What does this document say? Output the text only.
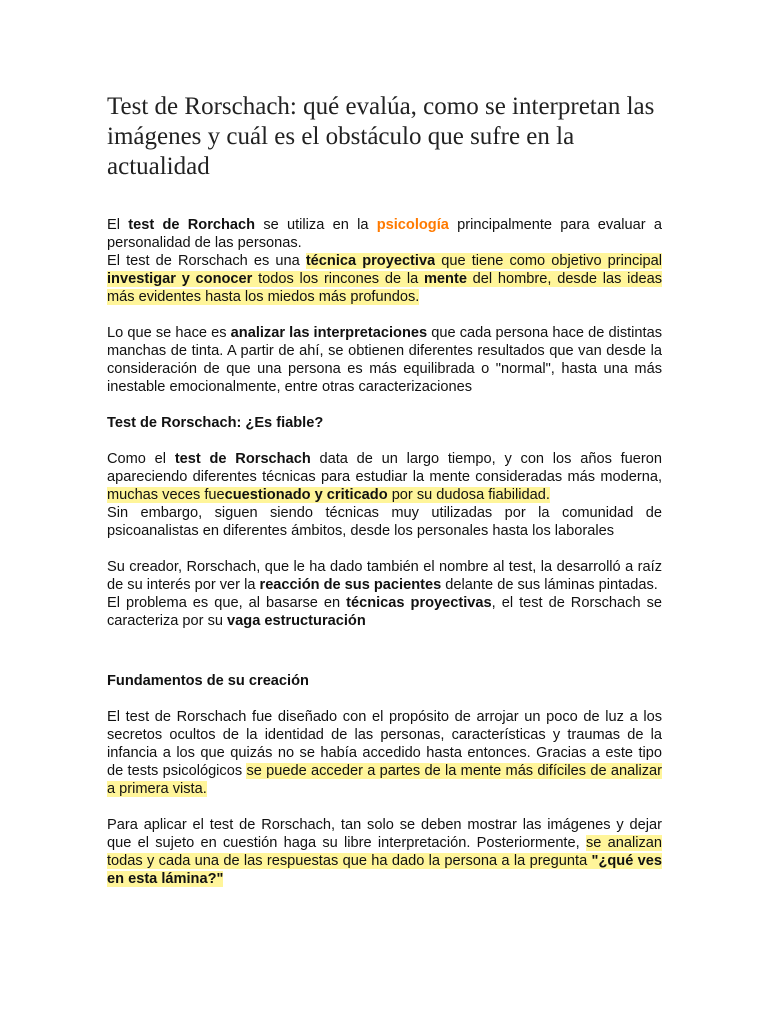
Test de Rorschach: qué evalúa, como se interpretan las imágenes y cuál es el obstáculo que sufre en la actualidad

El test de Rorchach se utiliza en la psicología principalmente para evaluar a personalidad de las personas.

El test de Rorschach es una técnica proyectiva que tiene como objetivo principal investigar y conocer todos los rincones de la mente del hombre, desde las ideas más evidentes hasta los miedos más profundos.

Lo que se hace es analizar las interpretaciones que cada persona hace de distintas manchas de tinta. A partir de ahí, se obtienen diferentes resultados que van desde la consideración de que una persona es más equilibrada o "normal", hasta una más inestable emocionalmente, entre otras caracterizaciones

Test de Rorschach: ¿Es fiable?

Como el test de Rorschach data de un largo tiempo, y con los años fueron apareciendo diferentes técnicas para estudiar la mente consideradas más moderna, muchas veces fuecuestionado y criticado por su dudosa fiabilidad.

Sin embargo, siguen siendo técnicas muy utilizadas por la comunidad de psicoanalistas en diferentes ámbitos, desde los personales hasta los laborales

Su creador, Rorschach, que le ha dado también el nombre al test, la desarrolló a raíz de su interés por ver la reacción de sus pacientes delante de sus láminas pintadas.

El problema es que, al basarse en técnicas proyectivas, el test de Rorschach se caracteriza por su vaga estructuración

Fundamentos de su creación

El test de Rorschach fue diseñado con el propósito de arrojar un poco de luz a los secretos ocultos de la identidad de las personas, características y traumas de la infancia a los que quizás no se había accedido hasta entonces. Gracias a este tipo de tests psicológicos se puede acceder a partes de la mente más difíciles de analizar a primera vista.

Para aplicar el test de Rorschach, tan solo se deben mostrar las imágenes y dejar que el sujeto en cuestión haga su libre interpretación. Posteriormente, se analizan todas y cada una de las respuestas que ha dado la persona a la pregunta "¿qué ves en esta lámina?"
